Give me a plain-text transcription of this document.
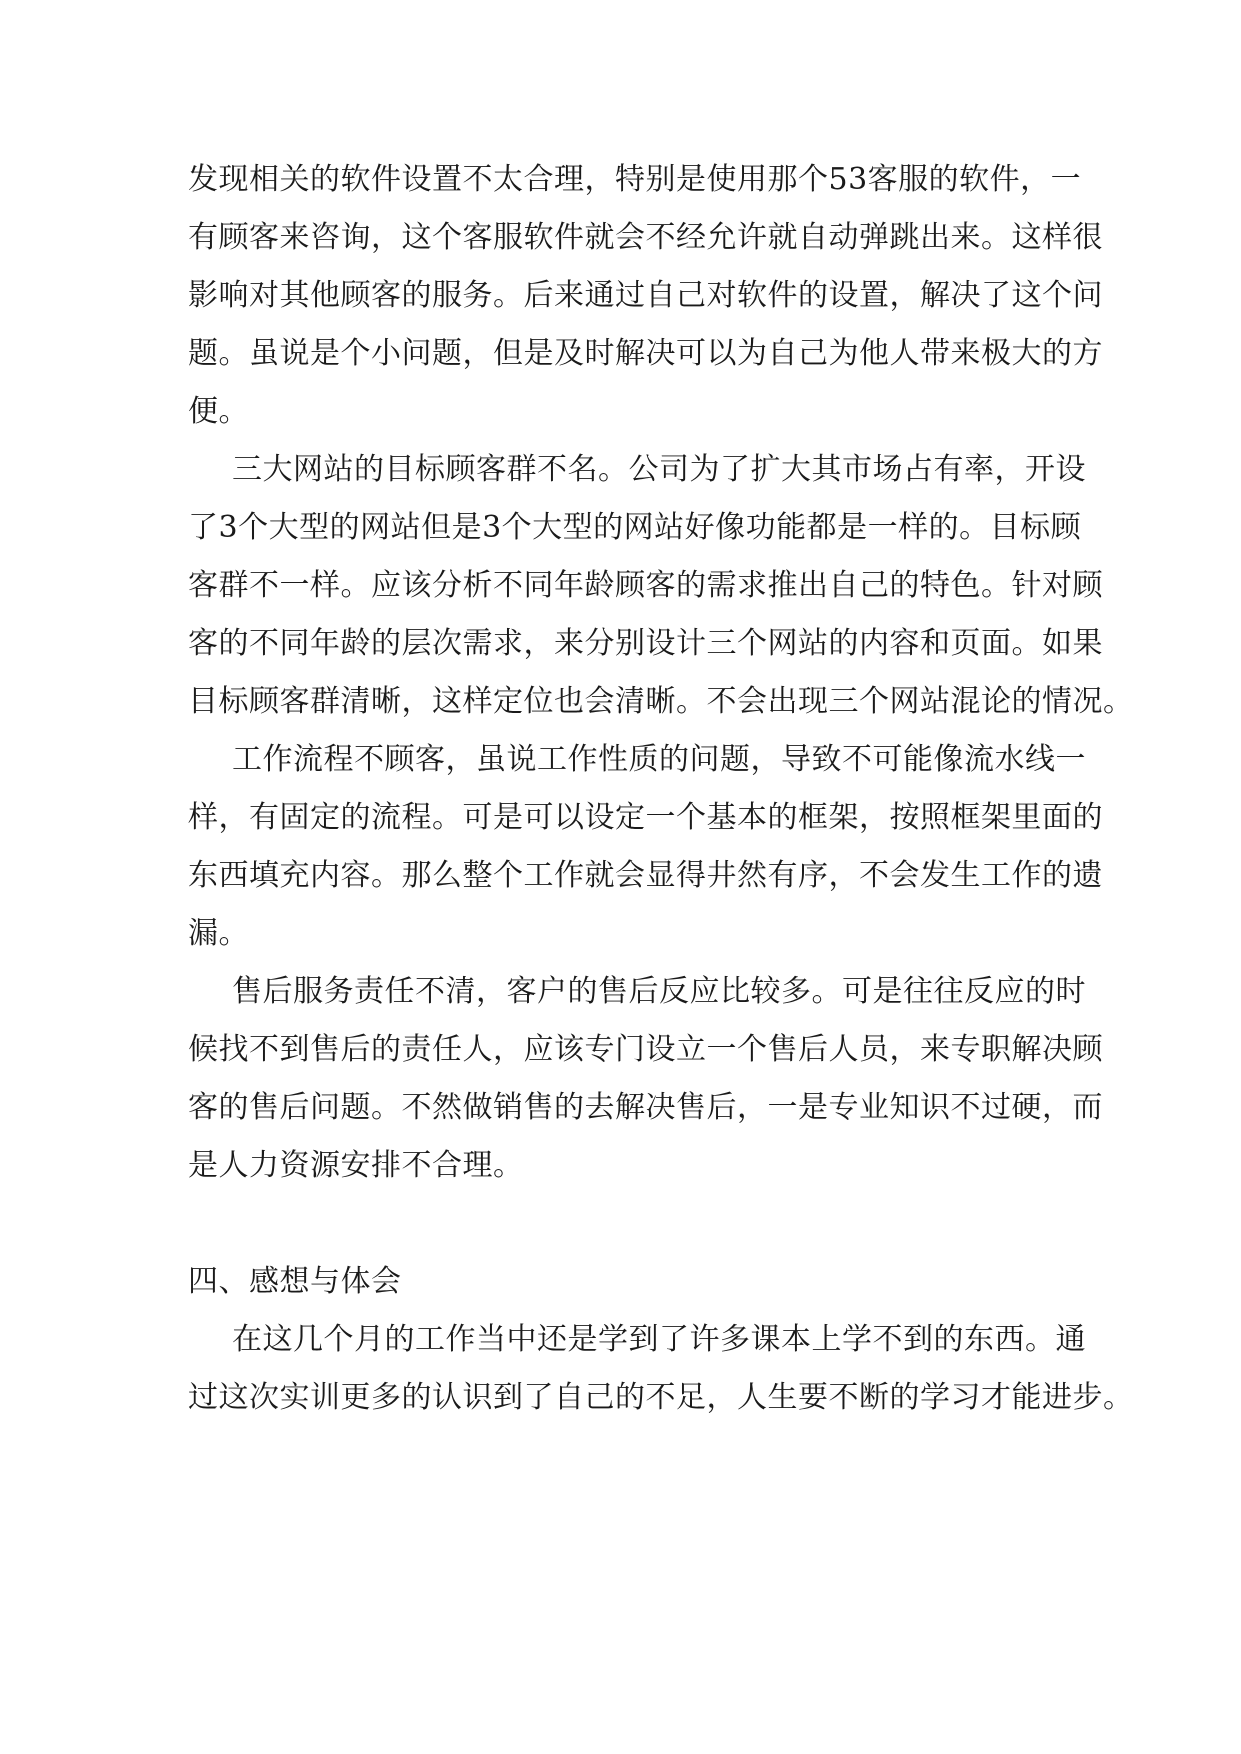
发现相关的软件设置不太合理，特别是使用那个53客服的软件，一
有顾客来咨询，这个客服软件就会不经允许就自动弹跳出来。这样很
影响对其他顾客的服务。后来通过自己对软件的设置，解决了这个问
题。虽说是个小问题，但是及时解决可以为自己为他人带来极大的方
便。
三大网站的目标顾客群不名。公司为了扩大其市场占有率，开设
了3个大型的网站但是3个大型的网站好像功能都是一样的。目标顾
客群不一样。应该分析不同年龄顾客的需求推出自己的特色。针对顾
客的不同年龄的层次需求，来分别设计三个网站的内容和页面。如果
目标顾客群清晰，这样定位也会清晰。不会出现三个网站混论的情况。
工作流程不顾客，虽说工作性质的问题，导致不可能像流水线一
样，有固定的流程。可是可以设定一个基本的框架，按照框架里面的
东西填充内容。那么整个工作就会显得井然有序，不会发生工作的遗
漏。
售后服务责任不清，客户的售后反应比较多。可是往往反应的时
候找不到售后的责任人，应该专门设立一个售后人员，来专职解决顾
客的售后问题。不然做销售的去解决售后，一是专业知识不过硬，而
是人力资源安排不合理。
四、感想与体会
在这几个月的工作当中还是学到了许多课本上学不到的东西。通
过这次实训更多的认识到了自己的不足，人生要不断的学习才能进步。
